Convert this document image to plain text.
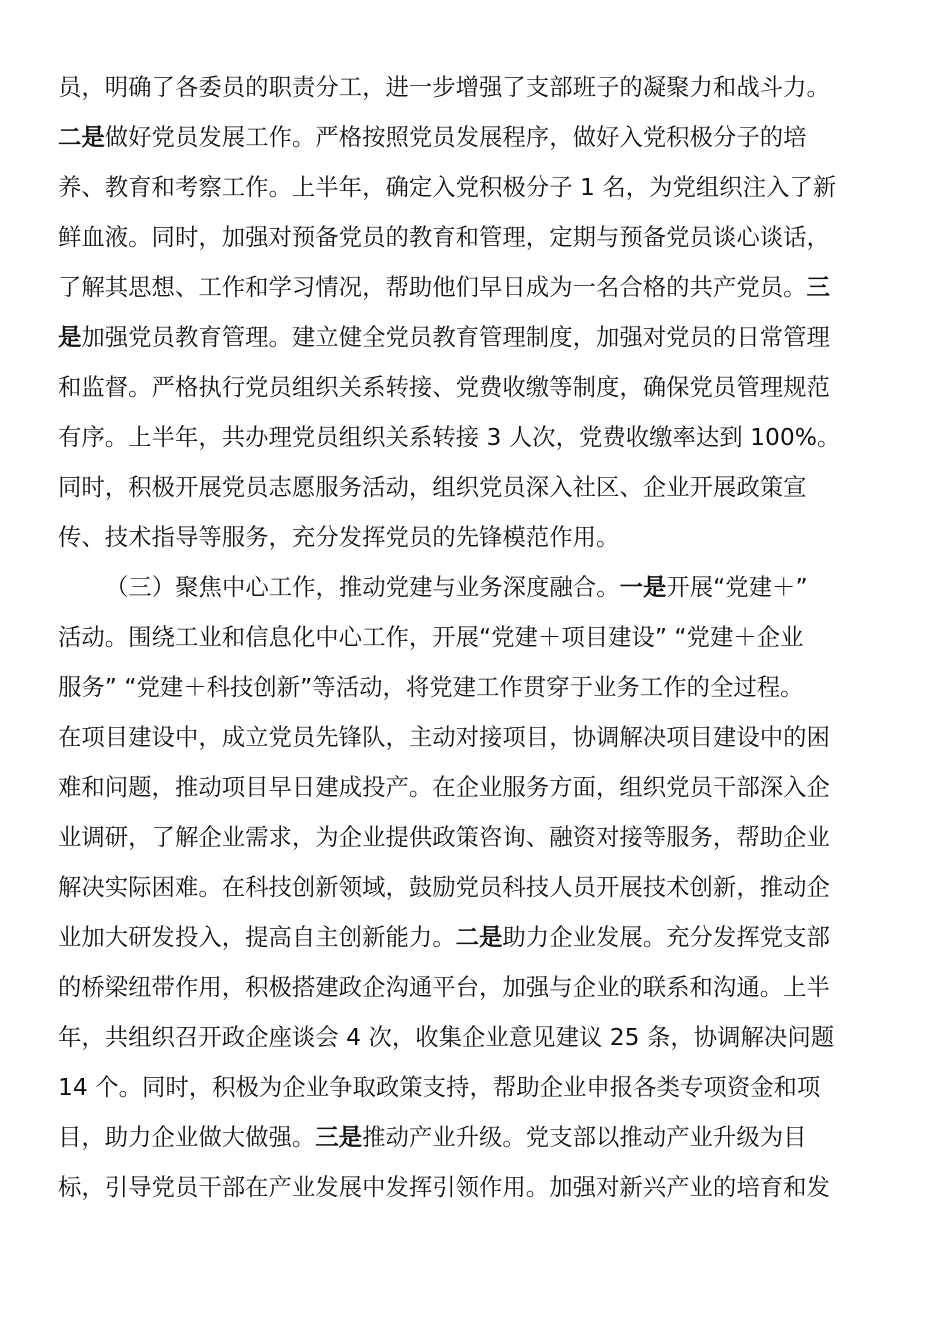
员，明确了各委员的职责分工，进一步增强了支部班子的凝聚力和战斗力。
二是做好党员发展工作。严格按照党员发展程序，做好入党积极分子的培
养、教育和考察工作。上半年，确定入党积极分子 1 名，为党组织注入了新
鲜血液。同时，加强对预备党员的教育和管理，定期与预备党员谈心谈话，
了解其思想、工作和学习情况，帮助他们早日成为一名合格的共产党员。三
是加强党员教育管理。建立健全党员教育管理制度，加强对党员的日常管理
和监督。严格执行党员组织关系转接、党费收缴等制度，确保党员管理规范
有序。上半年，共办理党员组织关系转接 3 人次，党费收缴率达到 100%。
同时，积极开展党员志愿服务活动，组织党员深入社区、企业开展政策宣
传、技术指导等服务，充分发挥党员的先锋模范作用。
（三）聚焦中心工作，推动党建与业务深度融合。一是开展“党建＋”
活动。围绕工业和信息化中心工作，开展“党建＋项目建设” “党建＋企业
服务” “党建＋科技创新”等活动，将党建工作贯穿于业务工作的全过程。
在项目建设中，成立党员先锋队，主动对接项目，协调解决项目建设中的困
难和问题，推动项目早日建成投产。在企业服务方面，组织党员干部深入企
业调研，了解企业需求，为企业提供政策咨询、融资对接等服务，帮助企业
解决实际困难。在科技创新领域，鼓励党员科技人员开展技术创新，推动企
业加大研发投入，提高自主创新能力。二是助力企业发展。充分发挥党支部
的桥梁纽带作用，积极搭建政企沟通平台，加强与企业的联系和沟通。上半
年，共组织召开政企座谈会 4 次，收集企业意见建议 25 条，协调解决问题
14 个。同时，积极为企业争取政策支持，帮助企业申报各类专项资金和项
目，助力企业做大做强。三是推动产业升级。党支部以推动产业升级为目
标，引导党员干部在产业发展中发挥引领作用。加强对新兴产业的培育和发
